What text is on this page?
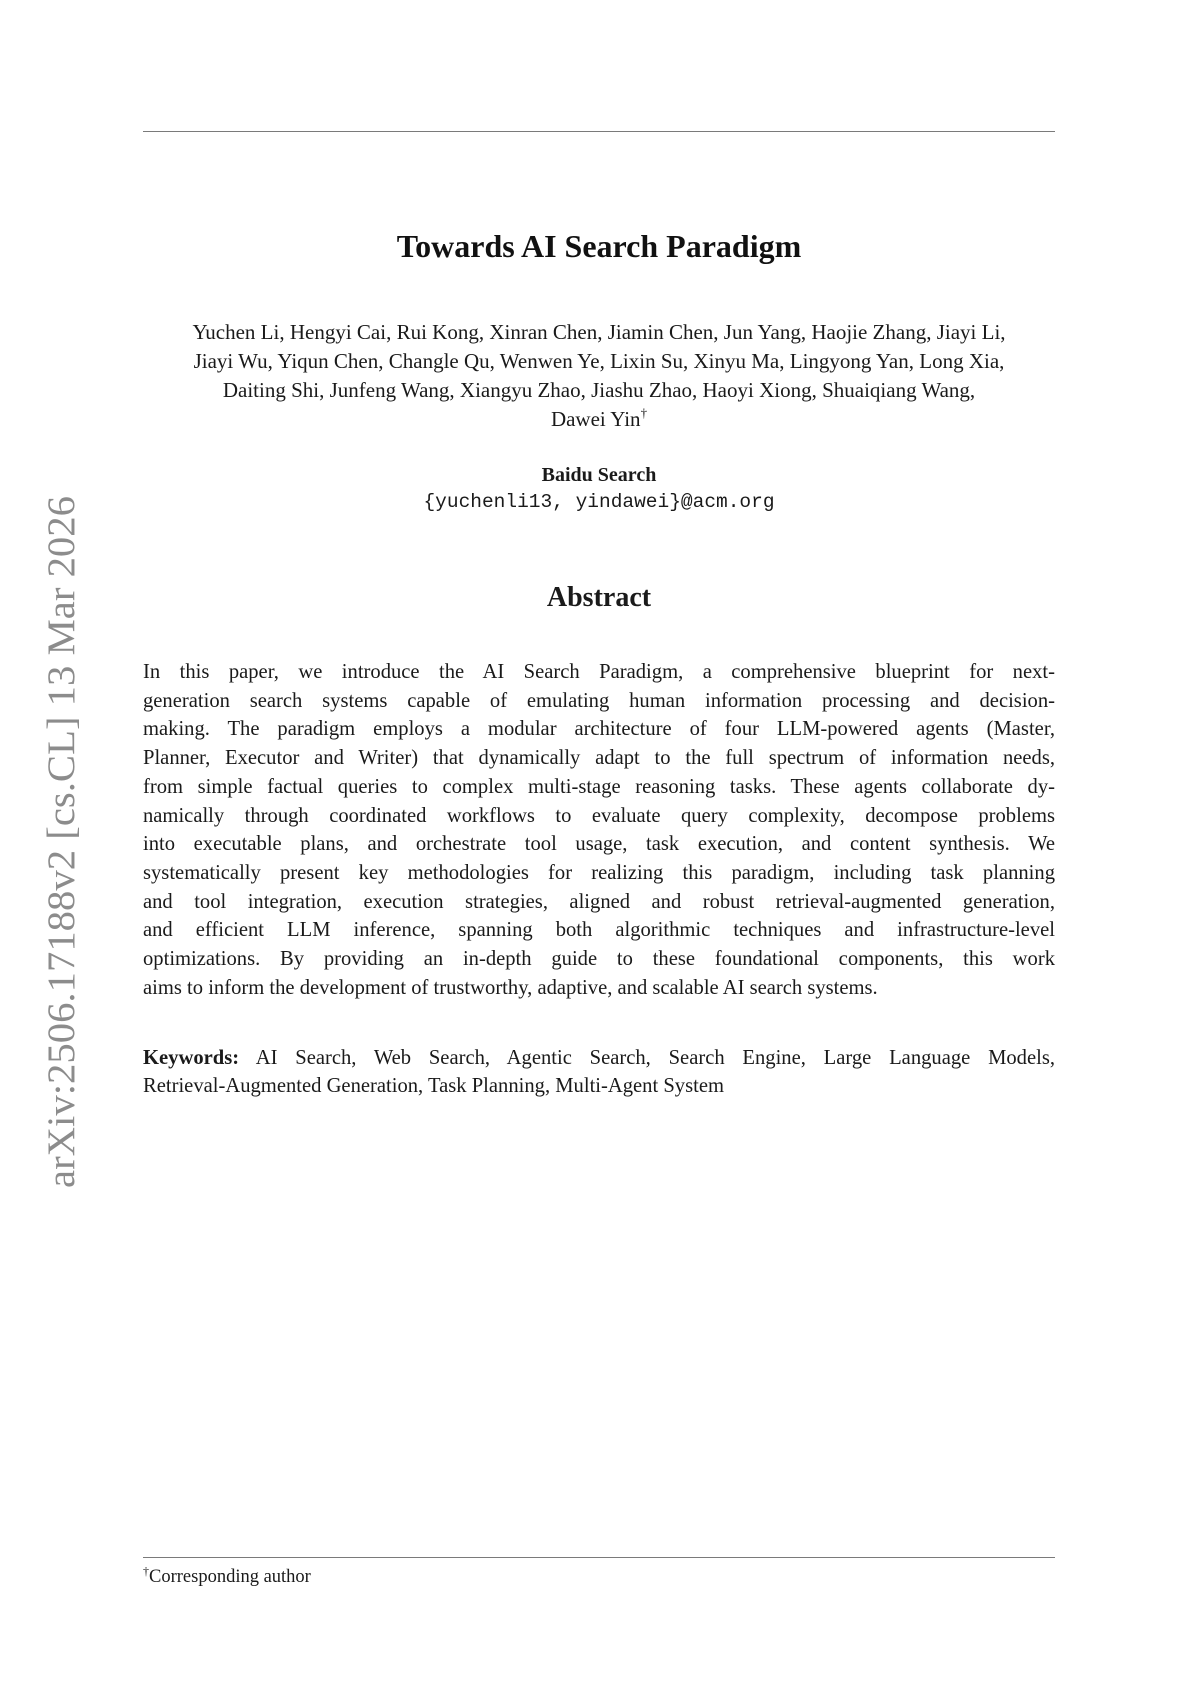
arXiv:2506.17188v2 [cs.CL] 13 Mar 2026
Towards AI Search Paradigm
Yuchen Li, Hengyi Cai, Rui Kong, Xinran Chen, Jiamin Chen, Jun Yang, Haojie Zhang, Jiayi Li,
Jiayi Wu, Yiqun Chen, Changle Qu, Wenwen Ye, Lixin Su, Xinyu Ma, Lingyong Yan, Long Xia,
Daiting Shi, Junfeng Wang, Xiangyu Zhao, Jiashu Zhao, Haoyi Xiong, Shuaiqiang Wang,
Dawei Yin†
Baidu Search
{yuchenli13, yindawei}@acm.org
Abstract

In this paper, we introduce the AI Search Paradigm, a comprehensive blueprint for next-
generation search systems capable of emulating human information processing and decision-
making. The paradigm employs a modular architecture of four LLM-powered agents (Master,
Planner, Executor and Writer) that dynamically adapt to the full spectrum of information needs,
from simple factual queries to complex multi-stage reasoning tasks. These agents collaborate dy-
namically through coordinated workflows to evaluate query complexity, decompose problems
into executable plans, and orchestrate tool usage, task execution, and content synthesis. We
systematically present key methodologies for realizing this paradigm, including task planning
and tool integration, execution strategies, aligned and robust retrieval-augmented generation,
and efficient LLM inference, spanning both algorithmic techniques and infrastructure-level
optimizations. By providing an in-depth guide to these foundational components, this work
aims to inform the development of trustworthy, adaptive, and scalable AI search systems.

Keywords: AI Search, Web Search, Agentic Search, Search Engine, Large Language Models,
Retrieval-Augmented Generation, Task Planning, Multi-Agent System

†Corresponding author
